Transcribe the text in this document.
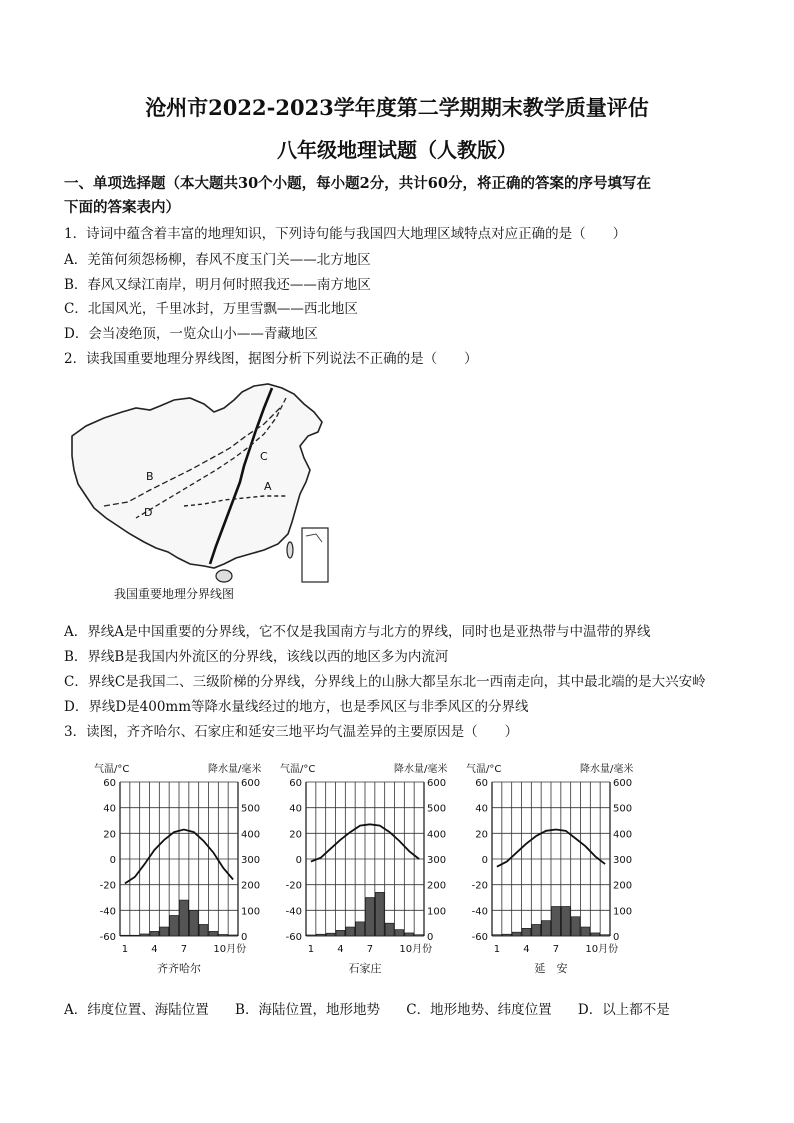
沧州市2022-2023学年度第二学期期末教学质量评估
八年级地理试题（人教版）
一、单项选择题（本大题共30个小题，每小题2分，共计60分，将正确的答案的序号填写在
下面的答案表内）
1．诗词中蕴含着丰富的地理知识，下列诗句能与我国四大地理区域特点对应正确的是（　　）
A．羌笛何须怨杨柳，春风不度玉门关——北方地区
B．春风又绿江南岸，明月何时照我还——南方地区
C．北国风光，千里冰封，万里雪飘——西北地区
D．会当凌绝顶，一览众山小——青藏地区
2．读我国重要地理分界线图，据图分析下列说法不正确的是（　　）
B
A
D
C
我国重要地理分界线图
A．界线A是中国重要的分界线，它不仅是我国南方与北方的界线，同时也是亚热带与中温带的界线
B．界线B是我国内外流区的分界线，该线以西的地区多为内流河
C．界线C是我国二、三级阶梯的分界线，分界线上的山脉大都呈东北一西南走向，其中最北端的是大兴安岭
D．界线D是400mm等降水量线经过的地方，也是季风区与非季风区的分界线
3．读图，齐齐哈尔、石家庄和延安三地平均气温差异的主要原因是（　　）
气温/°C	降水量/毫米
60	600
40	500
20	400
0	300
-20	200
-40	100
-60	0
1 4 7	10月份
齐齐哈尔
气温/°C	降水量/毫米
60	600
40	500
20	400
0	300
-20	200
-40	100
-60	0
1 4 7	10月份
石家庄
气温/°C	降水量/毫米
60	600
40	500
20	400
0	300
-20	200
-40	100
-60	0
1 4 7	10月份
延　安
A．纬度位置、海陆位置 B．海陆位置，地形地势 C．地形地势、纬度位置 D．以上都不是
